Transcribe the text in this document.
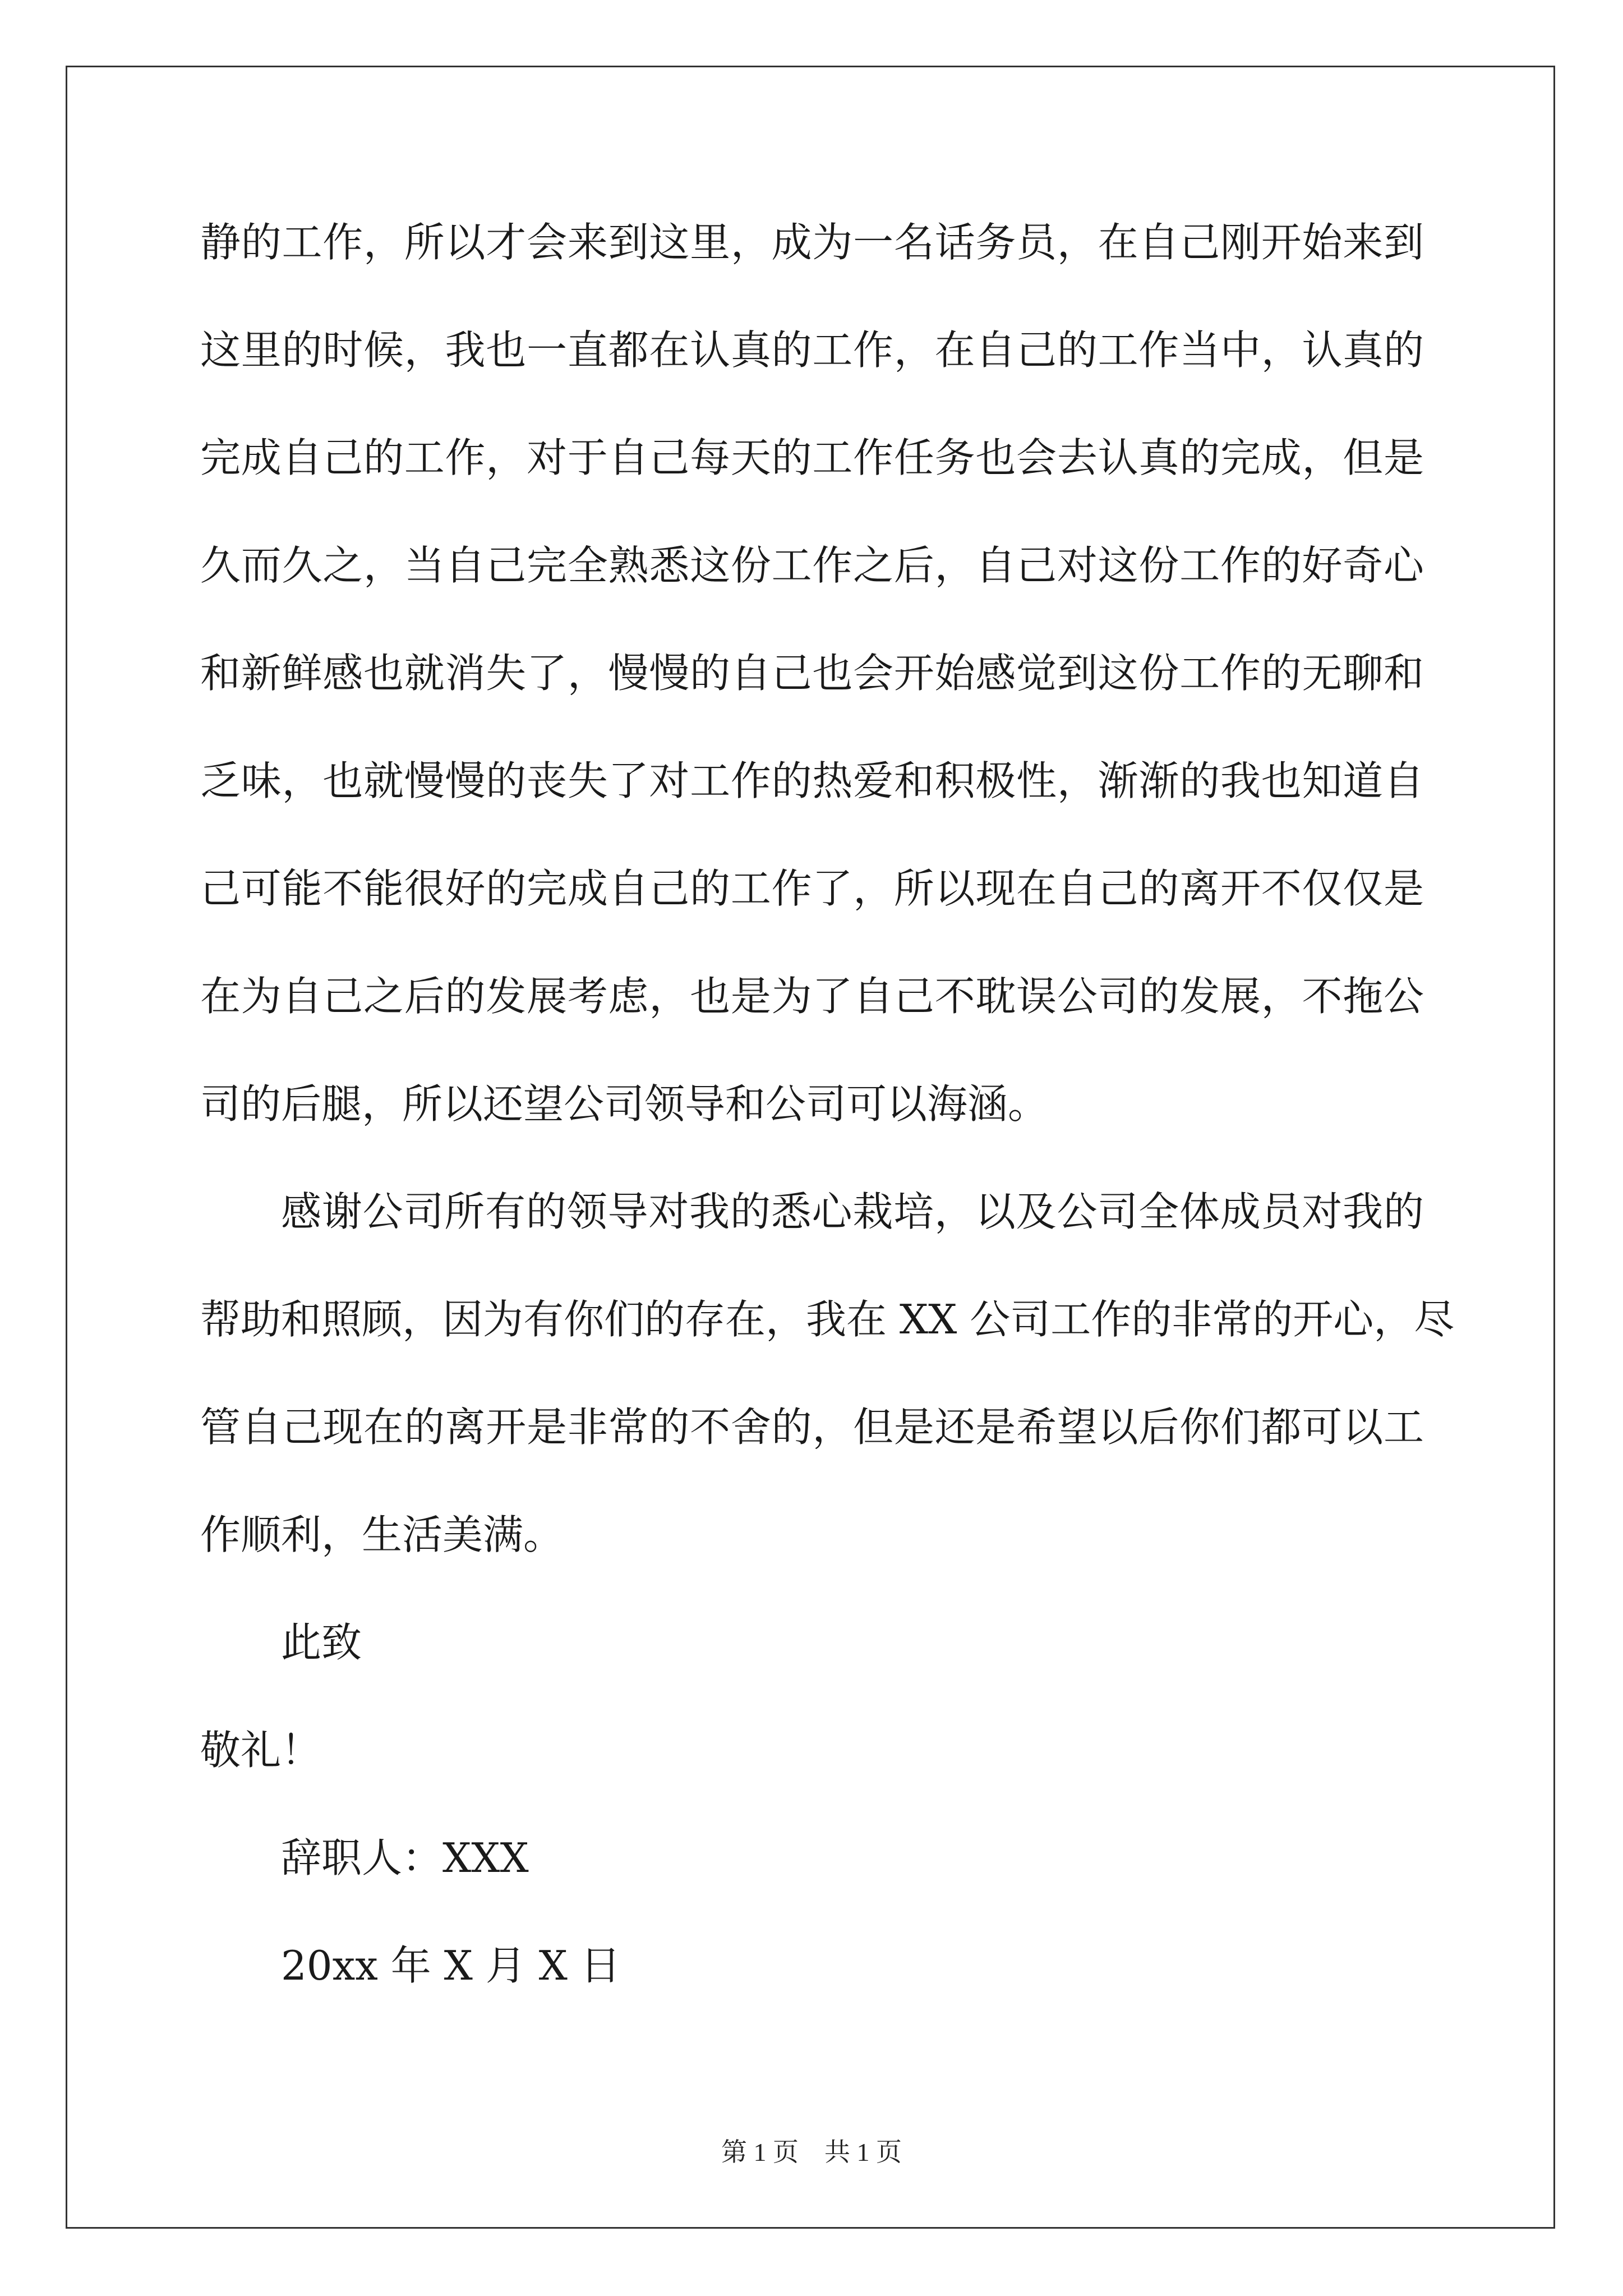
静的工作，所以才会来到这里，成为一名话务员，在自己刚开始来到
这里的时候，我也一直都在认真的工作，在自己的工作当中，认真的
完成自己的工作，对于自己每天的工作任务也会去认真的完成，但是
久而久之，当自己完全熟悉这份工作之后，自己对这份工作的好奇心
和新鲜感也就消失了，慢慢的自己也会开始感觉到这份工作的无聊和
乏味，也就慢慢的丧失了对工作的热爱和积极性，渐渐的我也知道自
己可能不能很好的完成自己的工作了，所以现在自己的离开不仅仅是
在为自己之后的发展考虑，也是为了自己不耽误公司的发展，不拖公
司的后腿，所以还望公司领导和公司可以海涵。
感谢公司所有的领导对我的悉心栽培，以及公司全体成员对我的
帮助和照顾，因为有你们的存在，我在 XX 公司工作的非常的开心，尽
管自己现在的离开是非常的不舍的，但是还是希望以后你们都可以工
作顺利，生活美满。
此致
敬礼！
辞职人：XXX
20xx 年 X 月 X 日
第 1 页　共 1 页
